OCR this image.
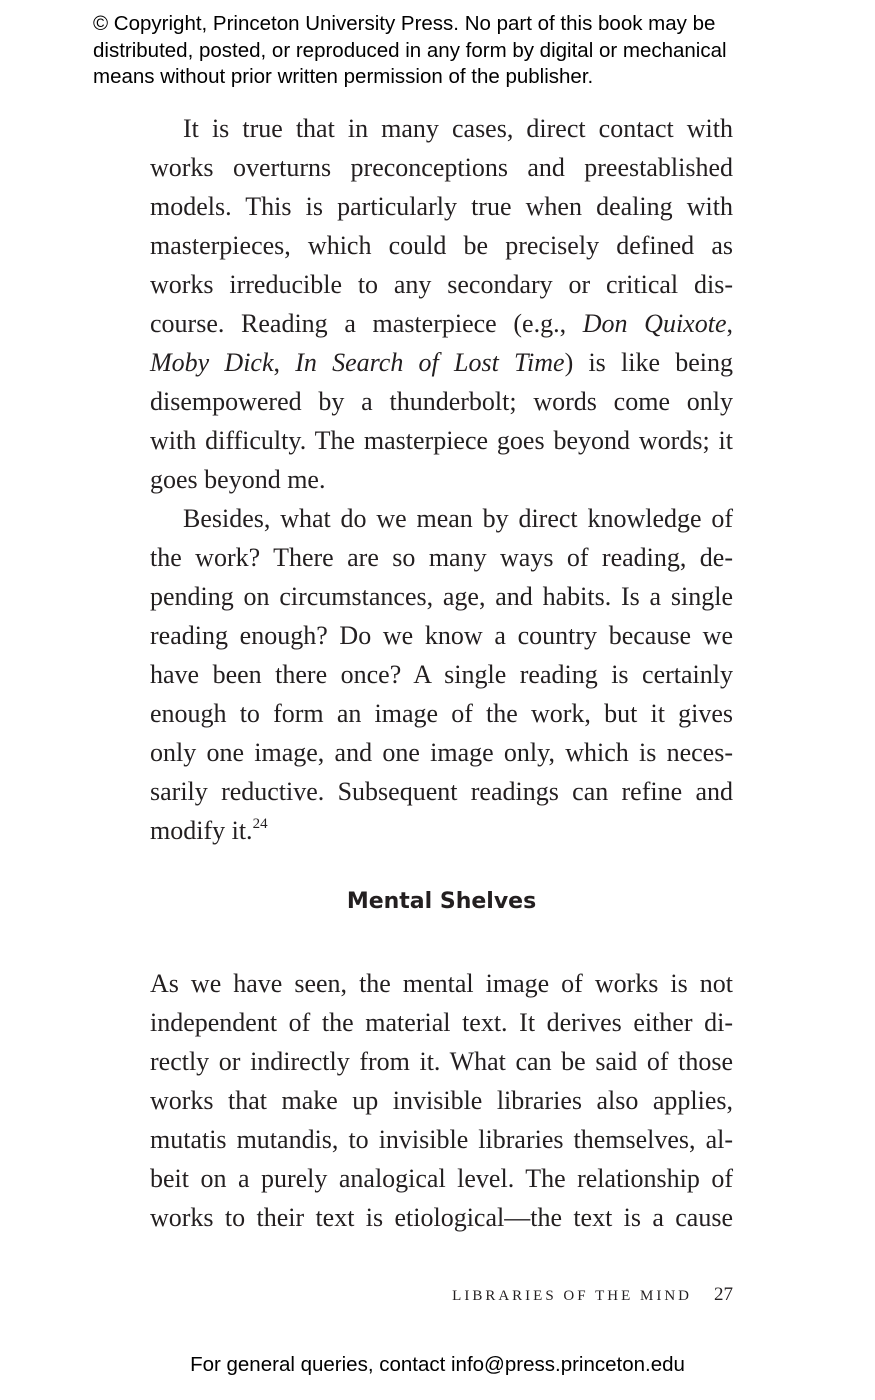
© Copyright, Princeton University Press. No part of this book may be
distributed, posted, or reproduced in any form by digital or mechanical
means without prior written permission of the publisher.
It is true that in many cases, direct contact with
works overturns preconceptions and preestablished
models. This is particularly true when dealing with
masterpieces, which could be precisely defined as
works irreducible to any secondary or critical dis-
course. Reading a masterpiece (e.g., Don Quixote,
Moby Dick, In Search of Lost Time) is like being
disempowered by a thunderbolt; words come only
with difficulty. The masterpiece goes beyond words; it
goes beyond me.
Besides, what do we mean by direct knowledge of
the work? There are so many ways of reading, de-
pending on circumstances, age, and habits. Is a single
reading enough? Do we know a country because we
have been there once? A single reading is certainly
enough to form an image of the work, but it gives
only one image, and one image only, which is neces-
sarily reductive. Subsequent readings can refine and
modify it.$^{24}$
As we have seen, the mental image of works is not
independent of the material text. It derives either di-
rectly or indirectly from it. What can be said of those
works that make up invisible libraries also applies,
mutatis mutandis, to invisible libraries themselves, al-
beit on a purely analogical level. The relationship of
works to their text is etiological—the text is a cause
Mental Shelves
LIBRARIES OF THE MIND 27
For general queries, contact info@press.princeton.edu
